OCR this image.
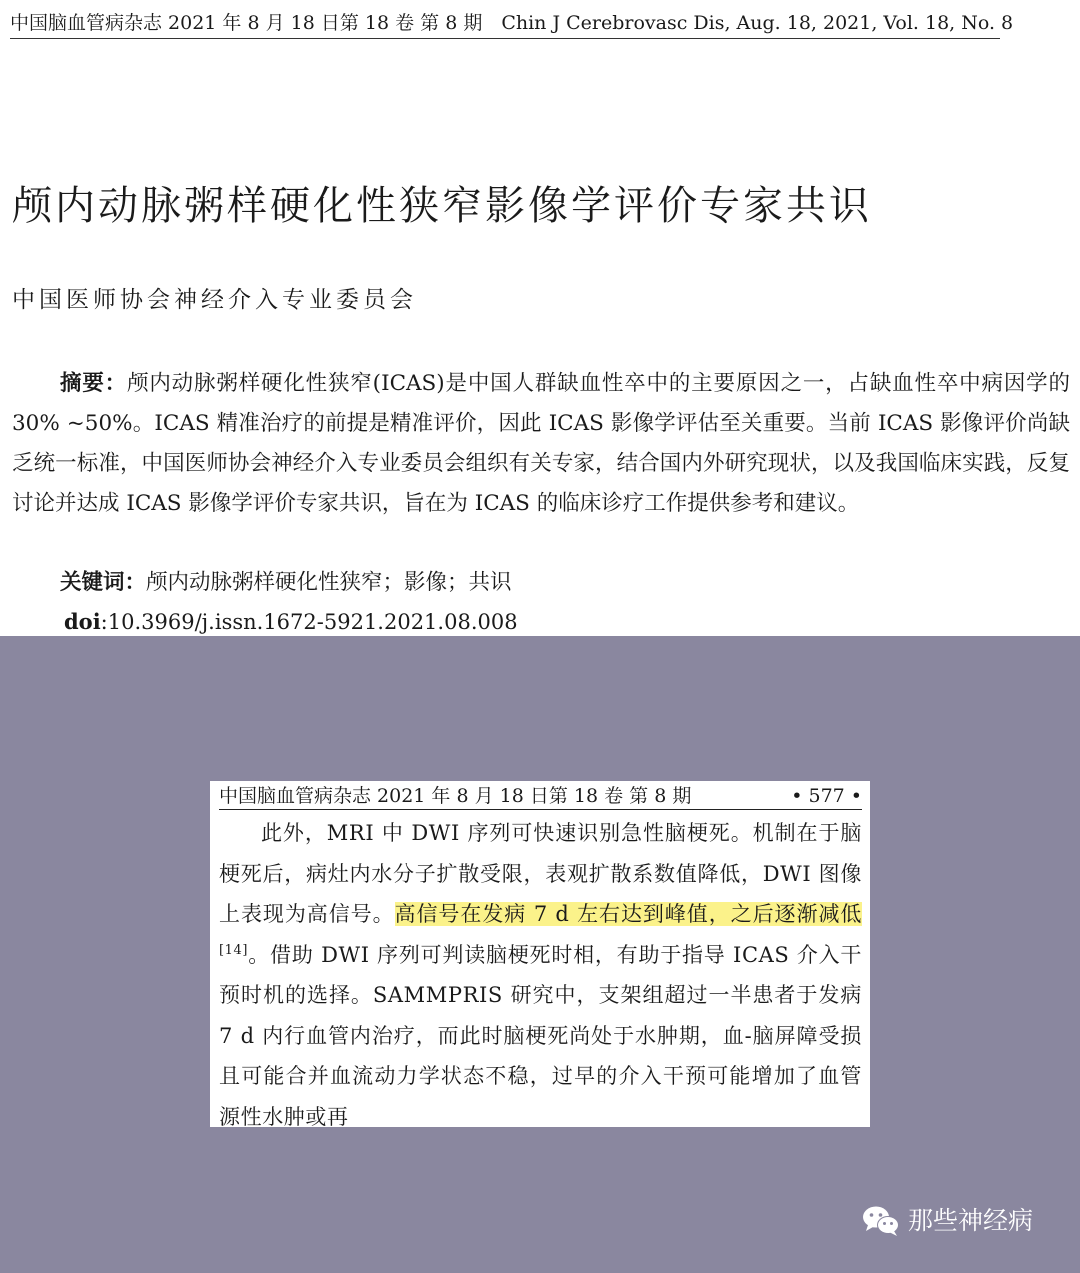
中国脑血管病杂志 2021 年 8 月 18 日第 18 卷 第 8 期　Chin J Cerebrovasc Dis, Aug. 18, 2021, Vol. 18, No. 8
颅内动脉粥样硬化性狭窄影像学评价专家共识
中国医师协会神经介入专业委员会

摘要：颅内动脉粥样硬化性狭窄(ICAS)是中国人群缺血性卒中的主要原因之一，占缺血性卒中病因学的 30% ~50%。ICAS 精准治疗的前提是精准评价，因此 ICAS 影像学评估至关重要。当前 ICAS 影像评价尚缺乏统一标准，中国医师协会神经介入专业委员会组织有关专家，结合国内外研究现状，以及我国临床实践，反复讨论并达成 ICAS 影像学评价专家共识，旨在为 ICAS 的临床诊疗工作提供参考和建议。

关键词：颅内动脉粥样硬化性狭窄；影像；共识
doi:10.3969/j.issn.1672-5921.2021.08.008
中国脑血管病杂志 2021 年 8 月 18 日第 18 卷 第 8 期	• 577 •

此外，MRI 中 DWI 序列可快速识别急性脑梗死。机制在于脑梗死后，病灶内水分子扩散受限，表观扩散系数值降低，DWI 图像上表现为高信号。高信号在发病 7 d 左右达到峰值，之后逐渐减低[14]。借助 DWI 序列可判读脑梗死时相，有助于指导 ICAS 介入干预时机的选择。SAMMPRIS 研究中，支架组超过一半患者于发病 7 d 内行血管内治疗，而此时脑梗死尚处于水肿期，血-脑屏障受损且可能合并血流动力学状态不稳，过早的介入干预可能增加了血管源性水肿或再

那些神经病
